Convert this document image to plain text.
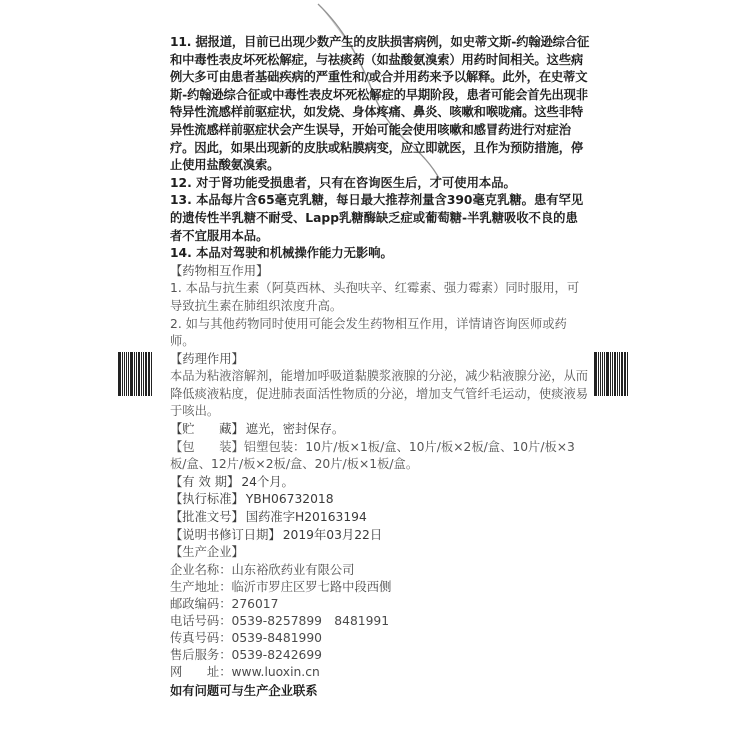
11. 据报道，目前已出现少数产生的皮肤损害病例，如史蒂文斯-约翰逊综合征和中毒性表皮坏死松解症，与祛痰药（如盐酸氨溴索）用药时间相关。这些病例大多可由患者基础疾病的严重性和/或合并用药来予以解释。此外，在史蒂文斯-约翰逊综合征或中毒性表皮坏死松解症的早期阶段，患者可能会首先出现非特异性流感样前驱症状，如发烧、身体疼痛、鼻炎、咳嗽和喉咙痛。这些非特异性流感样前驱症状会产生误导，开始可能会使用咳嗽和感冒药进行对症治疗。因此，如果出现新的皮肤或粘膜病变，应立即就医，且作为预防措施，停止使用盐酸氨溴索。

12. 对于肾功能受损患者，只有在咨询医生后，才可使用本品。

13. 本品每片含65毫克乳糖，每日最大推荐剂量含390毫克乳糖。患有罕见的遗传性半乳糖不耐受、Lapp乳糖酶缺乏症或葡萄糖-半乳糖吸收不良的患者不宜服用本品。

14. 本品对驾驶和机械操作能力无影响。

【药物相互作用】

1. 本品与抗生素（阿莫西林、头孢呋辛、红霉素、强力霉素）同时服用，可导致抗生素在肺组织浓度升高。

2. 如与其他药物同时使用可能会发生药物相互作用，详情请咨询医师或药师。

【药理作用】

本品为粘液溶解剂，能增加呼吸道黏膜浆液腺的分泌，减少粘液腺分泌，从而降低痰液粘度，促进肺表面活性物质的分泌，增加支气管纤毛运动，使痰液易于咳出。

【贮　　藏】 遮光，密封保存。

【包　　装】铝塑包装：10片/板×1板/盒、10片/板×2板/盒、10片/板×3板/盒、12片/板×2板/盒、20片/板×1板/盒。

【有 效 期】 24个月。

【执行标准】 YBH06732018

【批准文号】 国药准字H20163194

【说明书修订日期】 2019年03月22日

【生产企业】

企业名称：山东裕欣药业有限公司
生产地址：临沂市罗庄区罗七路中段西侧
邮政编码：276017
电话号码：0539-8257899　8481991
传真号码：0539-8481990
售后服务：0539-8242699
网　　址：www.luoxin.cn

如有问题可与生产企业联系
